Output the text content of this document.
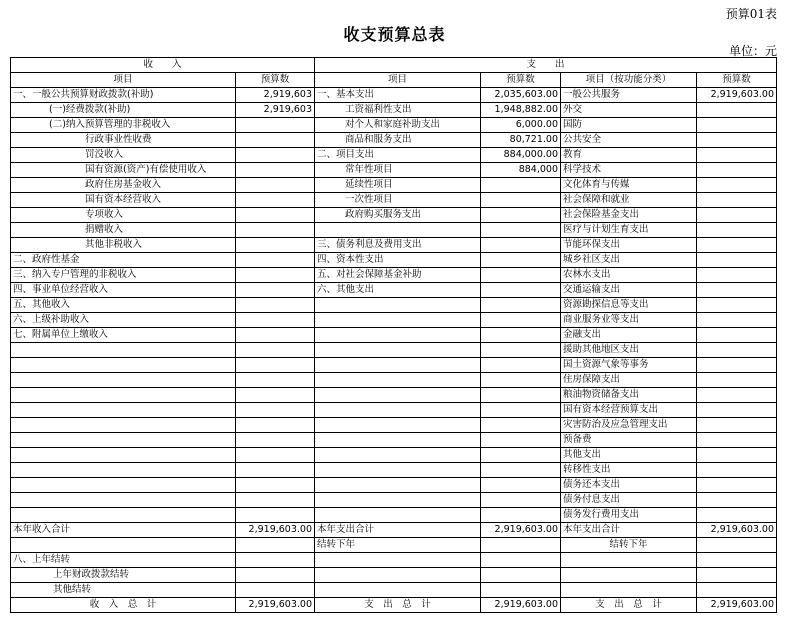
预算01表
收支预算总表
单位：元
收　　入		支　　出			
项目	预算数	项目	预算数	项目（按功能分类）	预算数
一、一般公共预算财政拨款(补助)	2,919,603	一、基本支出	2,035,603.00	一般公共服务	2,919,603.00
(一)经费拨款(补助)	2,919,603	工资福利性支出	1,948,882.00	外交	
(二)纳入预算管理的非税收入		对个人和家庭补助支出	6,000.00	国防	
行政事业性收费		商品和服务支出	80,721.00	公共安全	
罚没收入		二、项目支出	884,000.00	教育	
国有资源(资产)有偿使用收入		常年性项目	884,000	科学技术	
政府住房基金收入		延续性项目		文化体育与传媒	
国有资本经营收入		一次性项目		社会保障和就业	
专项收入		政府购买服务支出		社会保险基金支出	
捐赠收入				医疗与计划生育支出	
其他非税收入		三、债务利息及费用支出		节能环保支出	
二、政府性基金		四、资本性支出		城乡社区支出	
三、纳入专户管理的非税收入		五、对社会保障基金补助		农林水支出	
四、事业单位经营收入		六、其他支出		交通运输支出	
五、其他收入				资源勘探信息等支出	
六、上级补助收入				商业服务业等支出	
七、附属单位上缴收入				金融支出	
				援助其他地区支出	
				国土资源气象等事务	
				住房保障支出	
				粮油物资储备支出	
				国有资本经营预算支出	
				灾害防治及应急管理支出	
				预备费	
				其他支出	
				转移性支出	
				债务还本支出	
				债务付息支出	
				债务发行费用支出	
本年收入合计	2,919,603.00	本年支出合计	2,919,603.00	本年支出合计	2,919,603.00
		结转下年		结转下年	
八、上年结转					
上年财政拨款结转					
其他结转					
收　入　总　计	2,919,603.00	支　出　总　计	2,919,603.00	支　出　总　计	2,919,603.00
